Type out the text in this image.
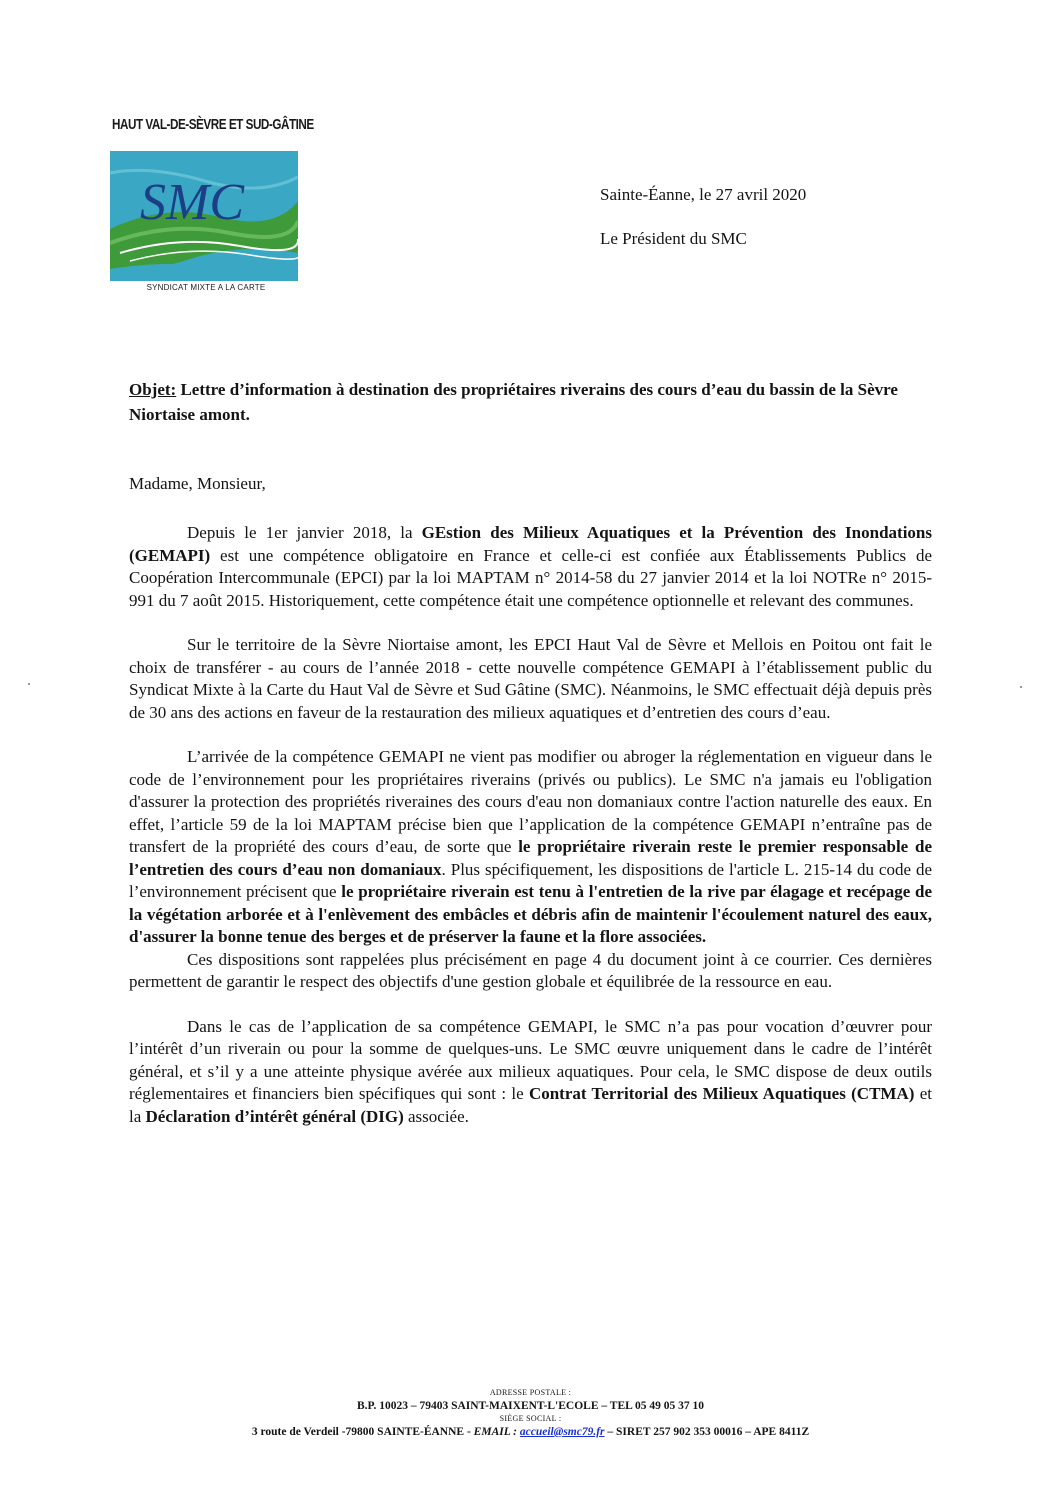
HAUT VAL-DE-SÈVRE ET SUD-GÂTINE
SMC
SYNDICAT MIXTE A LA CARTE
Sainte-Éanne, le 27 avril 2020
Le Président du SMC
Objet: Lettre d’information à destination des propriétaires riverains des cours d’eau du bassin de la Sèvre Niortaise amont.
Madame, Monsieur,

Depuis le 1er janvier 2018, la GEstion des Milieux Aquatiques et la Prévention des Inondations (GEMAPI) est une compétence obligatoire en France et celle-ci est confiée aux Établissements Publics de Coopération Intercommunale (EPCI) par la loi MAPTAM n° 2014-58 du 27 janvier 2014 et la loi NOTRe n° 2015-991 du 7 août 2015. Historiquement, cette compétence était une compétence optionnelle et relevant des communes.

Sur le territoire de la Sèvre Niortaise amont, les EPCI Haut Val de Sèvre et Mellois en Poitou ont fait le choix de transférer - au cours de l’année 2018 - cette nouvelle compétence GEMAPI à l’établissement public du Syndicat Mixte à la Carte du Haut Val de Sèvre et Sud Gâtine (SMC). Néanmoins, le SMC effectuait déjà depuis près de 30 ans des actions en faveur de la restauration des milieux aquatiques et d’entretien des cours d’eau.

L’arrivée de la compétence GEMAPI ne vient pas modifier ou abroger la réglementation en vigueur dans le code de l’environnement pour les propriétaires riverains (privés ou publics). Le SMC n'a jamais eu l'obligation d'assurer la protection des propriétés riveraines des cours d'eau non domaniaux contre l'action naturelle des eaux. En effet, l’article 59 de la loi MAPTAM précise bien que l’application de la compétence GEMAPI n’entraîne pas de transfert de la propriété des cours d’eau, de sorte que le propriétaire riverain reste le premier responsable de l’entretien des cours d’eau non domaniaux. Plus spécifiquement, les dispositions de l'article L. 215-14 du code de l’environnement précisent que le propriétaire riverain est tenu à l'entretien de la rive par élagage et recépage de la végétation arborée et à l'enlèvement des embâcles et débris afin de maintenir l'écoulement naturel des eaux, d'assurer la bonne tenue des berges et de préserver la faune et la flore associées.

Ces dispositions sont rappelées plus précisément en page 4 du document joint à ce courrier. Ces dernières permettent de garantir le respect des objectifs d'une gestion globale et équilibrée de la ressource en eau.

Dans le cas de l’application de sa compétence GEMAPI, le SMC n’a pas pour vocation d’œuvrer pour l’intérêt d’un riverain ou pour la somme de quelques-uns. Le SMC œuvre uniquement dans le cadre de l’intérêt général, et s’il y a une atteinte physique avérée aux milieux aquatiques. Pour cela, le SMC dispose de deux outils réglementaires et financiers bien spécifiques qui sont : le Contrat Territorial des Milieux Aquatiques (CTMA) et la Déclaration d’intérêt général (DIG) associée.

ADRESSE POSTALE :
B.P. 10023 – 79403 SAINT-MAIXENT-L'ECOLE – TEL 05 49 05 37 10
SIÈGE SOCIAL :
3 route de Verdeil -79800 SAINTE-ÉANNE - EMAIL : accueil@smc79.fr – SIRET 257 902 353 00016 – APE 8411Z
